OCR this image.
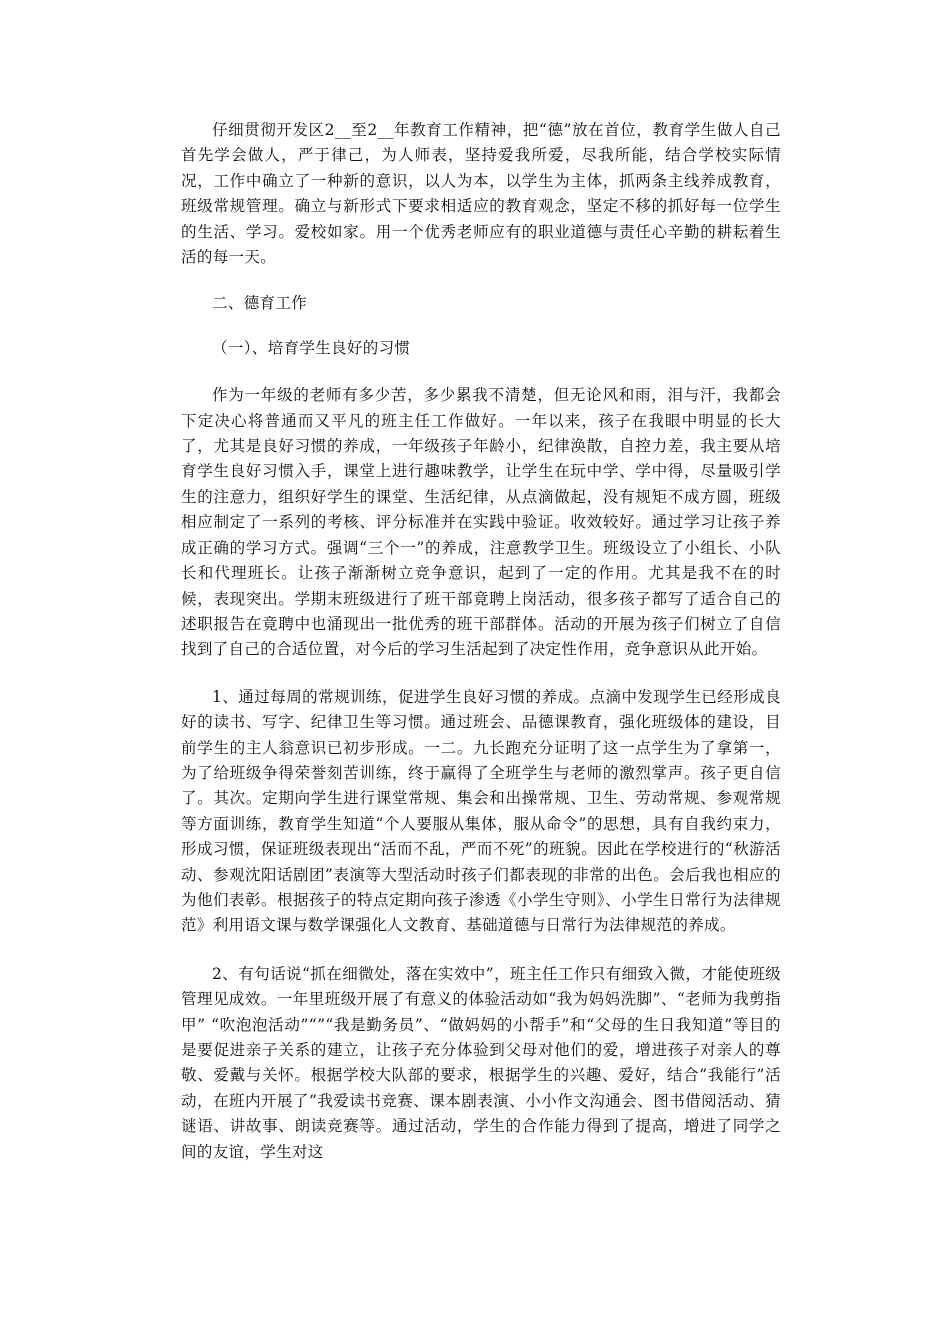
仔细贯彻开发区2__至2__年教育工作精神，把“德”放在首位，教育学生做人自己首先学会做人，严于律己，为人师表，坚持爱我所爱，尽我所能，结合学校实际情况，工作中确立了一种新的意识，以人为本，以学生为主体，抓两条主线养成教育，班级常规管理。确立与新形式下要求相适应的教育观念，坚定不移的抓好每一位学生的生活、学习。爱校如家。用一个优秀老师应有的职业道德与责任心辛勤的耕耘着生活的每一天。

二、德育工作

（一）、培育学生良好的习惯

作为一年级的老师有多少苦，多少累我不清楚，但无论风和雨，泪与汗，我都会下定决心将普通而又平凡的班主任工作做好。一年以来，孩子在我眼中明显的长大了，尤其是良好习惯的养成，一年级孩子年龄小，纪律涣散，自控力差，我主要从培育学生良好习惯入手，课堂上进行趣味教学，让学生在玩中学、学中得，尽量吸引学生的注意力，组织好学生的课堂、生活纪律，从点滴做起，没有规矩不成方圆，班级相应制定了一系列的考核、评分标准并在实践中验证。收效较好。通过学习让孩子养成正确的学习方式。强调“三个一”的养成，注意教学卫生。班级设立了小组长、小队长和代理班长。让孩子渐渐树立竞争意识，起到了一定的作用。尤其是我不在的时候，表现突出。学期末班级进行了班干部竟聘上岗活动，很多孩子都写了适合自己的述职报告在竟聘中也涌现出一批优秀的班干部群体。活动的开展为孩子们树立了自信找到了自己的合适位置，对今后的学习生活起到了决定性作用，竞争意识从此开始。

1、通过每周的常规训练，促进学生良好习惯的养成。点滴中发现学生已经形成良好的读书、写字、纪律卫生等习惯。通过班会、品德课教育，强化班级体的建设，目前学生的主人翁意识已初步形成。一二。九长跑充分证明了这一点学生为了拿第一，为了给班级争得荣誉刻苦训练，终于赢得了全班学生与老师的激烈掌声。孩子更自信了。其次。定期向学生进行课堂常规、集会和出操常规、卫生、劳动常规、参观常规等方面训练，教育学生知道“个人要服从集体，服从命令”的思想，具有自我约束力，形成习惯，保证班级表现出“活而不乱，严而不死”的班貌。因此在学校进行的“秋游活动、参观沈阳话剧团”表演等大型活动时孩子们都表现的非常的出色。会后我也相应的为他们表彰。根据孩子的特点定期向孩子渗透《小学生守则》、小学生日常行为法律规范》利用语文课与数学课强化人文教育、基础道德与日常行为法律规范的养成。

2、有句话说“抓在细微处，落在实效中”，班主任工作只有细致入微，才能使班级管理见成效。一年里班级开展了有意义的体验活动如“我为妈妈洗脚”、“老师为我剪指甲” “吹泡泡活动”“”“我是勤务员”、“做妈妈的小帮手”和“父母的生日我知道”等目的是要促进亲子关系的建立，让孩子充分体验到父母对他们的爱，增进孩子对亲人的尊敬、爱戴与关怀。根据学校大队部的要求，根据学生的兴趣、爱好，结合”我能行”活动，在班内开展了”我爱读书竞赛、课本剧表演、小小作文沟通会、图书借阅活动、猜谜语、讲故事、朗读竞赛等。通过活动，学生的合作能力得到了提高，增进了同学之间的友谊，学生对这
